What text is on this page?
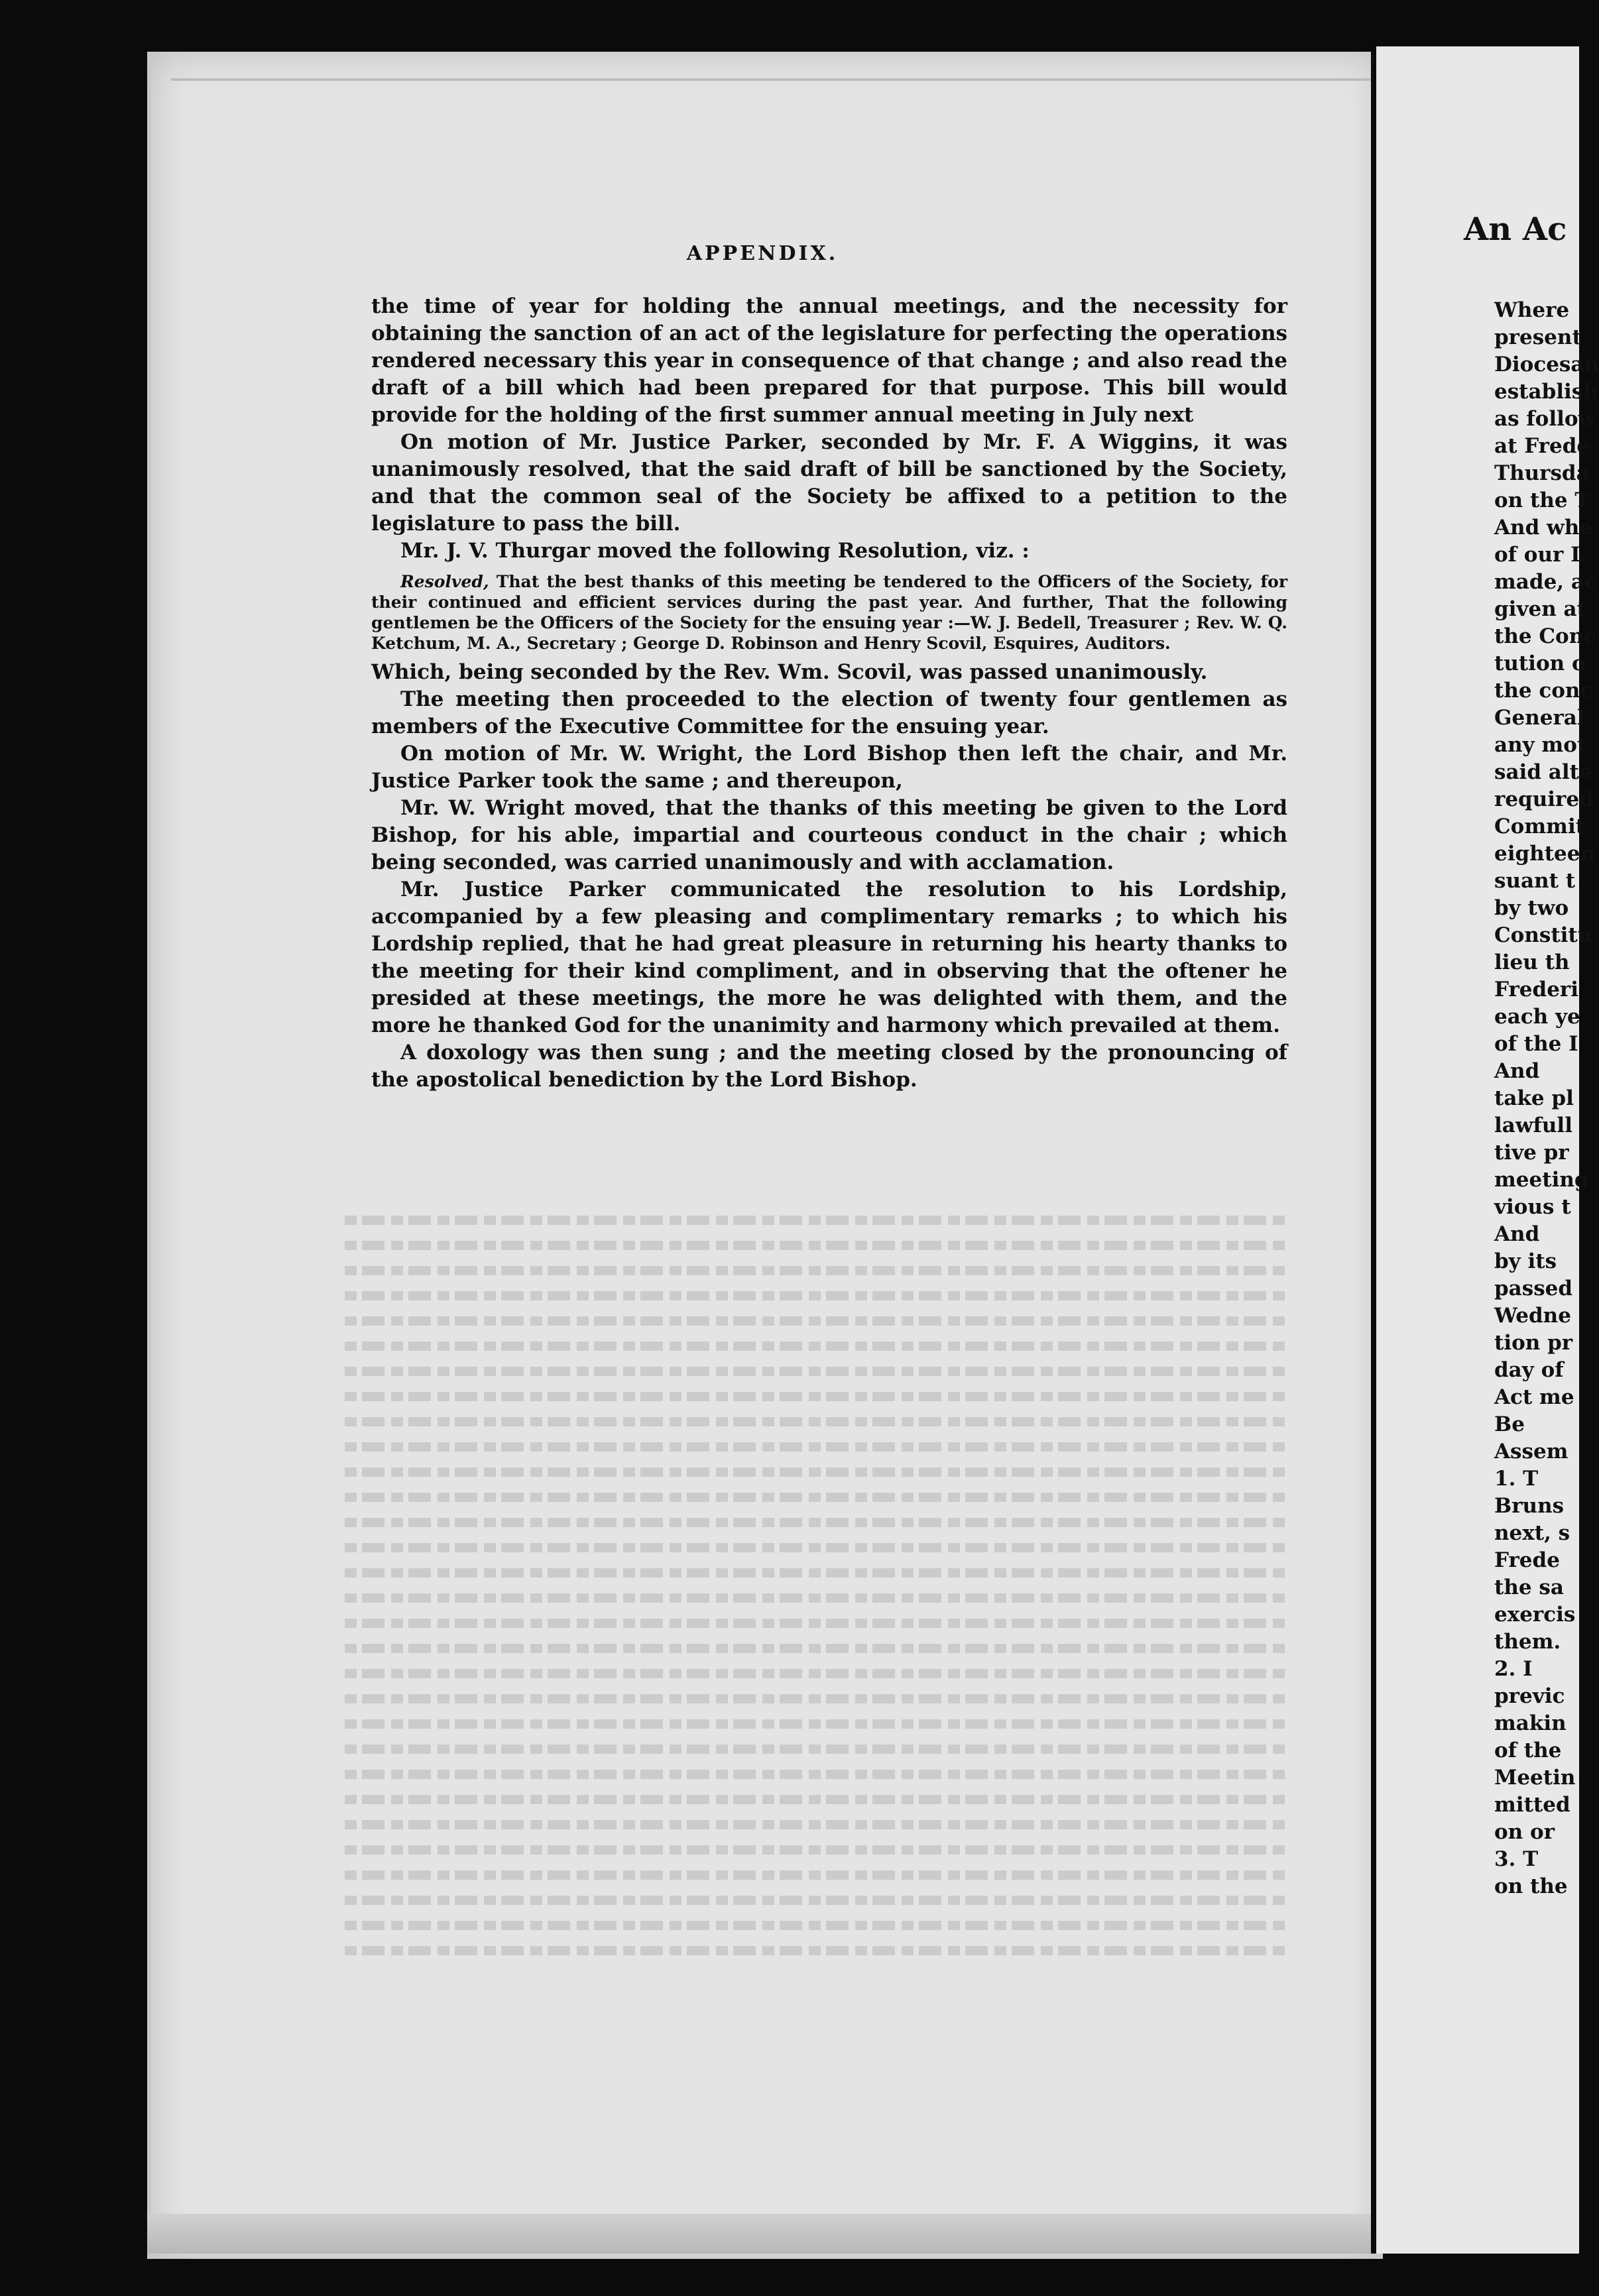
APPENDIX.

the time of year for holding the annual meetings, and the necessity for obtaining the sanction of an act of the legislature for perfecting the operations rendered necessary this year in consequence of that change ; and also read the draft of a bill which had been prepared for that purpose. This bill would provide for the holding of the first summer annual meeting in July next

On motion of Mr. Justice Parker, seconded by Mr. F. A Wiggins, it was unanimously resolved, that the said draft of bill be sanctioned by the Society, and that the common seal of the Society be affixed to a petition to the legislature to pass the bill.

Mr. J. V. Thurgar moved the following Resolution, viz. :

Resolved, That the best thanks of this meeting be tendered to the Officers of the Society, for their continued and efficient services during the past year. And further, That the following gentlemen be the Officers of the Society for the ensuing year :—W. J. Bedell, Treasurer ; Rev. W. Q. Ketchum, M. A., Secretary ; George D. Robinson and Henry Scovil, Esquires, Auditors.

Which, being seconded by the Rev. Wm. Scovil, was passed unanimously.

The meeting then proceeded to the election of twenty four gentlemen as members of the Executive Committee for the ensuing year.

On motion of Mr. W. Wright, the Lord Bishop then left the chair, and Mr. Justice Parker took the same ; and thereupon,

Mr. W. Wright moved, that the thanks of this meeting be given to the Lord Bishop, for his able, impartial and courteous conduct in the chair ; which being seconded, was carried unanimously and with acclamation.

Mr. Justice Parker communicated the resolution to his Lordship, accompanied by a few pleasing and complimentary remarks ; to which his Lordship replied, that he had great pleasure in returning his hearty thanks to the meeting for their kind compliment, and in observing that the oftener he presided at these meetings, the more he was delighted with them, and the more he thanked God for the unanimity and harmony which prevailed at them.

A doxology was then sung ; and the meeting closed by the pronouncing of the apostolical benediction by the Lord Bishop.

An Ac
Where
present
Diocesan
establish
as follow
at Frede
Thursda
on the T
And whe
of our L
made, ac
given at
the Conc
tution o
the conc
General
any mot
said alte
required
Commit
eighteen
suant t
by two
Constitu
lieu th
Frederi
each ye
of the I
And
take pl
lawfull
tive pr
meeting
vious t
And
by its
passed
Wedne
tion pr
day of
Act me
Be
Assem
1. T
Bruns
next, s
Frede
the sa
exercis
them.
2. I
previc
makin
of the
Meetin
mitted
on or
3. T
on the
